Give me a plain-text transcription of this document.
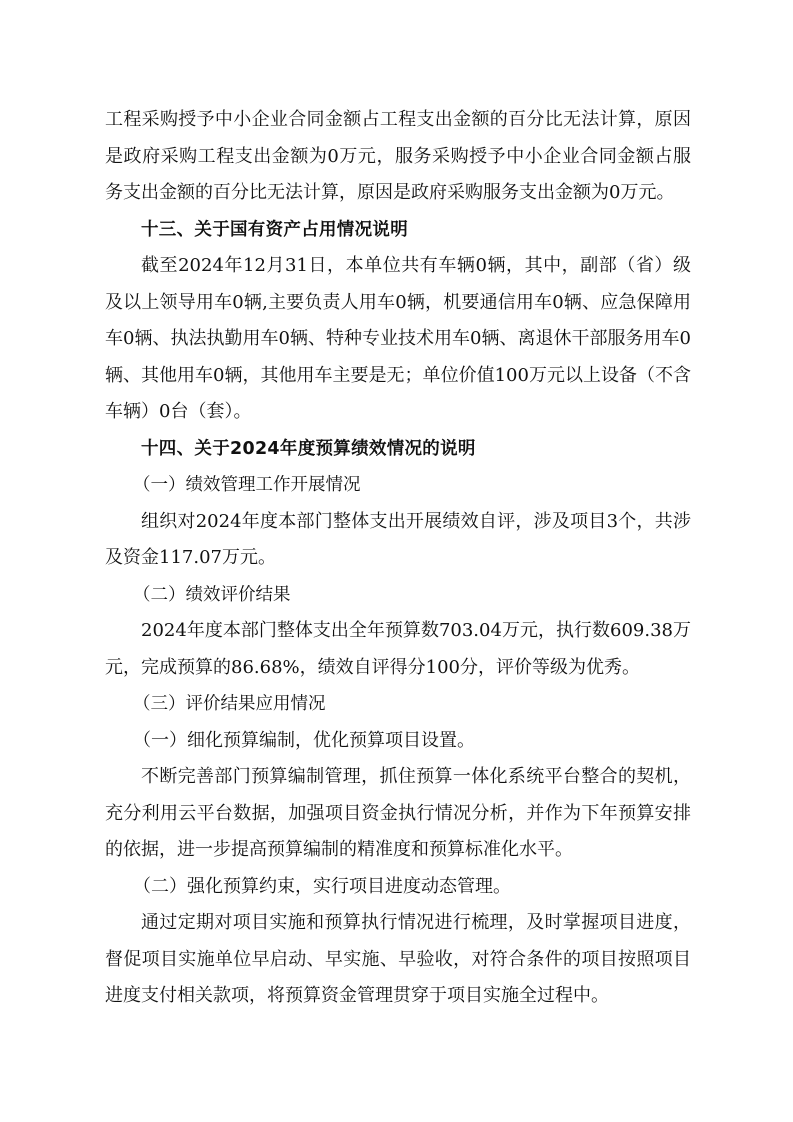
工程采购授予中小企业合同金额占工程支出金额的百分比无法计算，原因是政府采购工程支出金额为0万元，服务采购授予中小企业合同金额占服务支出金额的百分比无法计算，原因是政府采购服务支出金额为0万元。

十三、关于国有资产占用情况说明

截至2024年12月31日，本单位共有车辆0辆，其中，副部（省）级及以上领导用车0辆,主要负责人用车0辆，机要通信用车0辆、应急保障用车0辆、执法执勤用车0辆、特种专业技术用车0辆、离退休干部服务用车0辆、其他用车0辆，其他用车主要是无；单位价值100万元以上设备（不含车辆）0台（套）。

十四、关于2024年度预算绩效情况的说明

（一）绩效管理工作开展情况

组织对2024年度本部门整体支出开展绩效自评，涉及项目3个，共涉及资金117.07万元。

（二）绩效评价结果

2024年度本部门整体支出全年预算数703.04万元，执行数609.38万元，完成预算的86.68%，绩效自评得分100分，评价等级为优秀。

（三）评价结果应用情况

（一）细化预算编制，优化预算项目设置。

不断完善部门预算编制管理，抓住预算一体化系统平台整合的契机，充分利用云平台数据，加强项目资金执行情况分析，并作为下年预算安排的依据，进一步提高预算编制的精准度和预算标准化水平。

（二）强化预算约束，实行项目进度动态管理。

通过定期对项目实施和预算执行情况进行梳理，及时掌握项目进度，督促项目实施单位早启动、早实施、早验收，对符合条件的项目按照项目进度支付相关款项，将预算资金管理贯穿于项目实施全过程中。
